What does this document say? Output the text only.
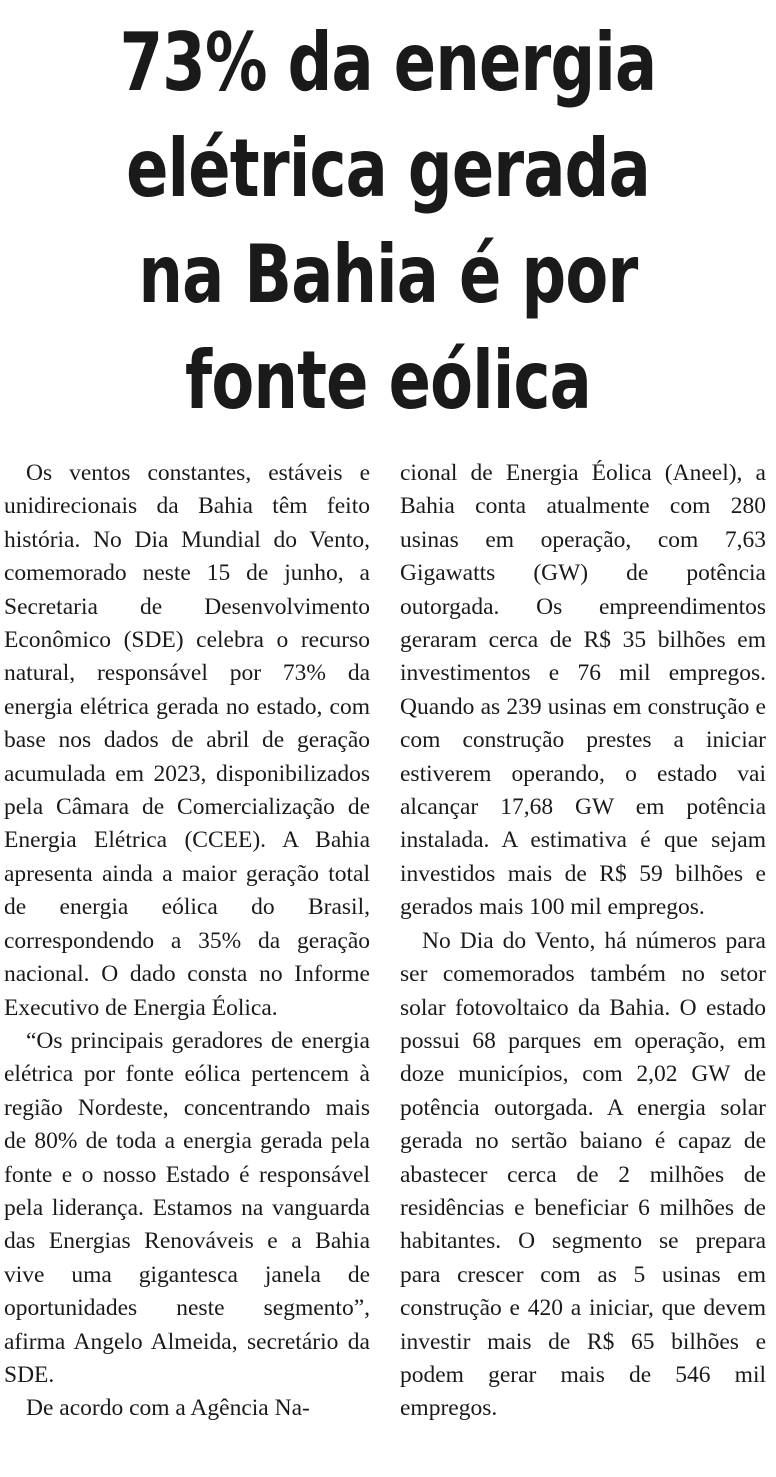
73% da energia
elétrica gerada
na Bahia é por
fonte eólica

Os ventos constantes, estáveis e unidirecionais da Bahia têm feito história. No Dia Mundial do Vento, comemorado neste 15 de junho, a Secretaria de Desenvolvimento Econômico (SDE) celebra o recurso natural, responsável por 73% da energia elétrica gerada no estado, com base nos dados de abril de geração acumulada em 2023, disponibilizados pela Câmara de Comercialização de Energia Elétrica (CCEE). A Bahia apresenta ainda a maior geração total de energia eólica do Brasil, correspondendo a 35% da geração nacional. O dado consta no Informe Executivo de Energia Éolica.

“Os principais geradores de energia elétrica por fonte eólica pertencem à região Nordeste, concentrando mais de 80% de toda a energia gerada pela fonte e o nosso Estado é responsável pela liderança. Estamos na vanguarda das Energias Renováveis e a Bahia vive uma gigantesca janela de oportunidades neste segmento”, afirma Angelo Almeida, secretário da SDE.

De acordo com a Agência Na-

cional de Energia Éolica (Aneel), a Bahia conta atualmente com 280 usinas em operação, com 7,63 Gigawatts (GW) de potência outorgada. Os empreendimentos geraram cerca de R$ 35 bilhões em investimentos e 76 mil empregos. Quando as 239 usinas em construção e com construção prestes a iniciar estiverem operando, o estado vai alcançar 17,68 GW em potência instalada. A estimativa é que sejam investidos mais de R$ 59 bilhões e gerados mais 100 mil empregos.

No Dia do Vento, há números para ser comemorados também no setor solar fotovoltaico da Bahia. O estado possui 68 parques em operação, em doze municípios, com 2,02 GW de potência outorgada. A energia solar gerada no sertão baiano é capaz de abastecer cerca de 2 milhões de residências e beneficiar 6 milhões de habitantes. O segmento se prepara para crescer com as 5 usinas em construção e 420 a iniciar, que devem investir mais de R$ 65 bilhões e podem gerar mais de 546 mil empregos.
